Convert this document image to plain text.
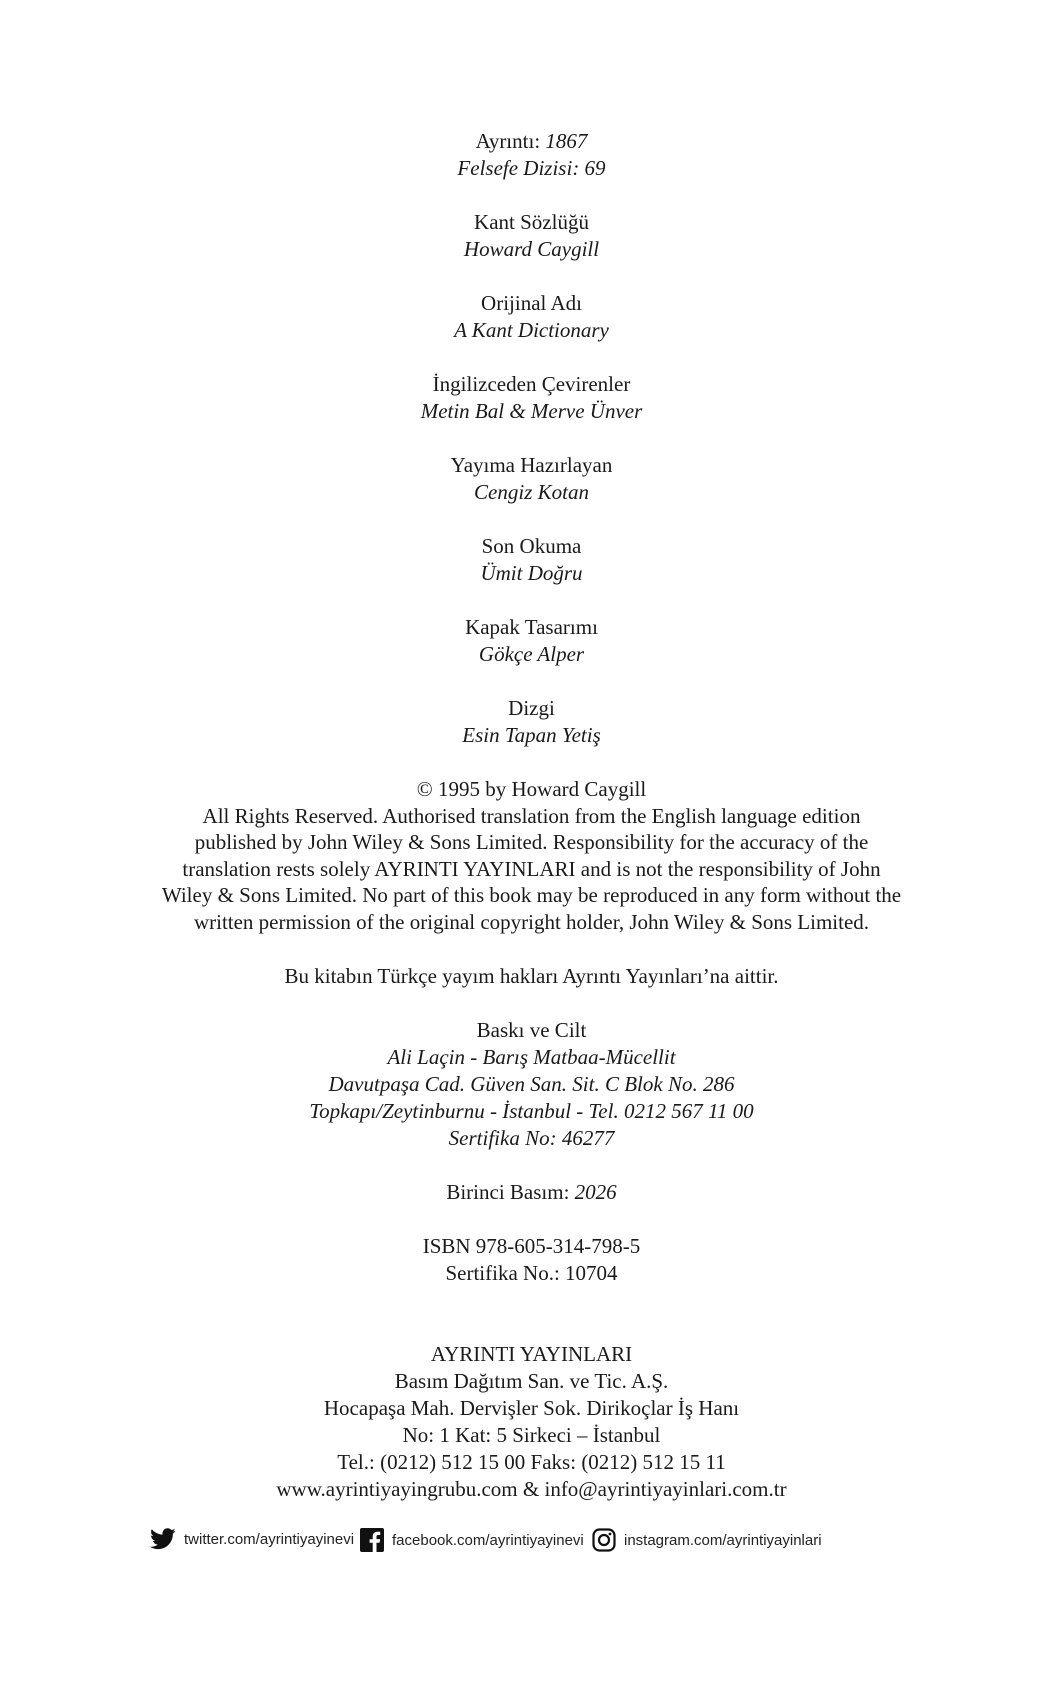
Ayrıntı: 1867
Felsefe Dizisi: 69
Kant Sözlüğü
Howard Caygill
Orijinal Adı
A Kant Dictionary
İngilizceden Çevirenler
Metin Bal & Merve Ünver
Yayıma Hazırlayan
Cengiz Kotan
Son Okuma
Ümit Doğru
Kapak Tasarımı
Gökçe Alper
Dizgi
Esin Tapan Yetiş
© 1995 by Howard Caygill
All Rights Reserved. Authorised translation from the English language edition
published by John Wiley & Sons Limited. Responsibility for the accuracy of the
translation rests solely AYRINTI YAYINLARI and is not the responsibility of John
Wiley & Sons Limited. No part of this book may be reproduced in any form without the
written permission of the original copyright holder, John Wiley & Sons Limited.
Bu kitabın Türkçe yayım hakları Ayrıntı Yayınları’na aittir.
Baskı ve Cilt
Ali Laçin - Barış Matbaa-Mücellit
Davutpaşa Cad. Güven San. Sit. C Blok No. 286
Topkapı/Zeytinburnu - İstanbul - Tel. 0212 567 11 00
Sertifika No: 46277
Birinci Basım: 2026
ISBN 978-605-314-798-5
Sertifika No.: 10704
AYRINTI YAYINLARI
Basım Dağıtım San. ve Tic. A.Ş.
Hocapaşa Mah. Dervişler Sok. Dirikoçlar İş Hanı
No: 1 Kat: 5 Sirkeci – İstanbul
Tel.: (0212) 512 15 00 Faks: (0212) 512 15 11
www.ayrintiyayingrubu.com & info@ayrintiyayinlari.com.tr
twitter.com/ayrintiyayinevi	facebook.com/ayrintiyayinevi	instagram.com/ayrintiyayinlari
